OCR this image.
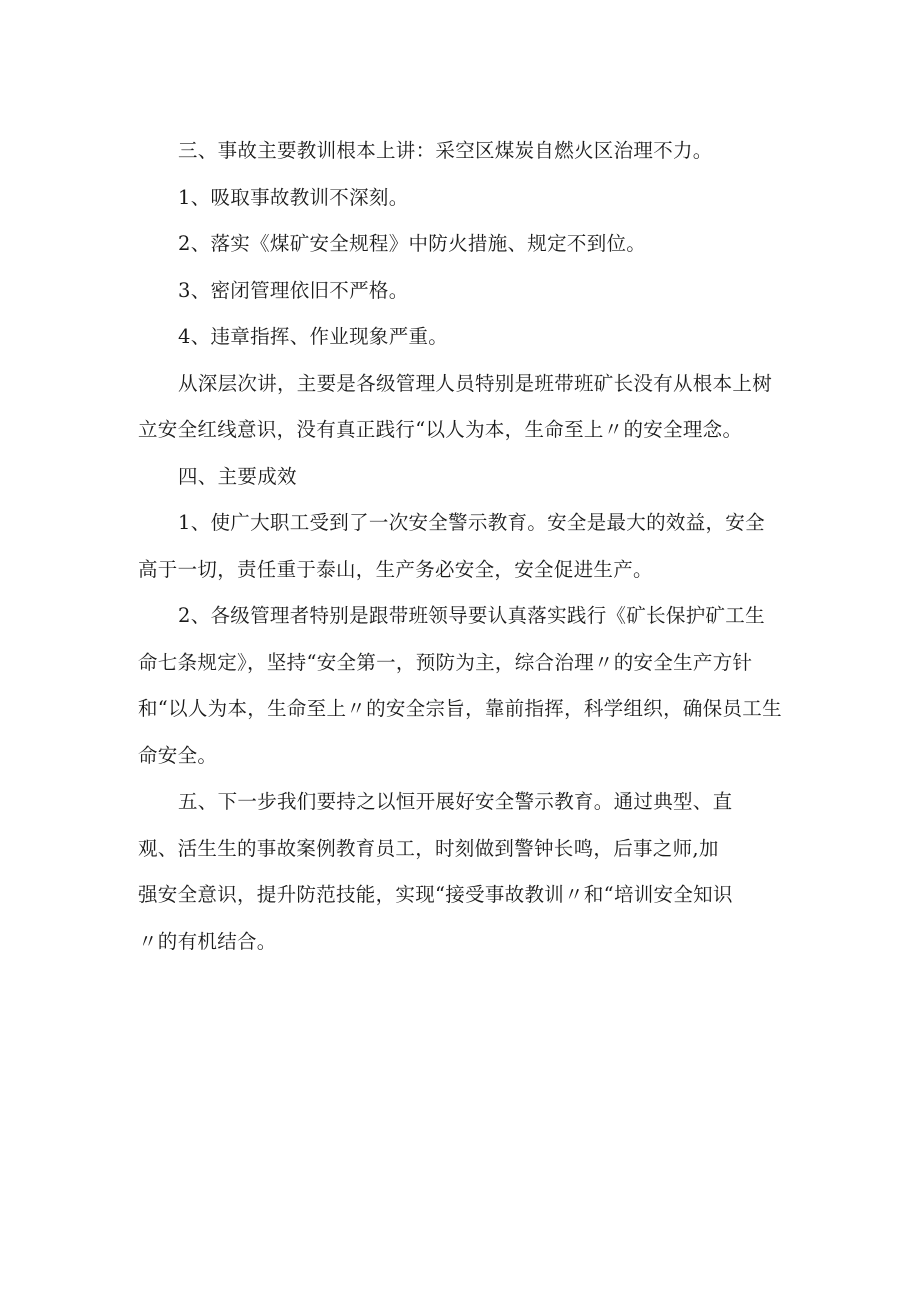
三、事故主要教训根本上讲：采空区煤炭自燃火区治理不力。

1、吸取事故教训不深刻。

2、落实《煤矿安全规程》中防火措施、规定不到位。

3、密闭管理依旧不严格。

4、违章指挥、作业现象严重。

从深层次讲，主要是各级管理人员特别是班带班矿长没有从根本上树立安全红线意识，没有真正践行“以人为本，生命至上〃的安全理念。

四、主要成效

1、使广大职工受到了一次安全警示教育。安全是最大的效益，安全高于一切，责任重于泰山，生产务必安全，安全促进生产。

2、各级管理者特别是跟带班领导要认真落实践行《矿长保护矿工生命七条规定》，坚持“安全第一，预防为主，综合治理〃的安全生产方针和“以人为本，生命至上〃的安全宗旨，靠前指挥，科学组织，确保员工生命安全。

五、下一步我们要持之以恒开展好安全警示教育。通过典型、直观、活生生的事故案例教育员工，时刻做到警钟长鸣，后事之师,加强安全意识，提升防范技能，实现“接受事故教训〃和“培训安全知识〃的有机结合。
